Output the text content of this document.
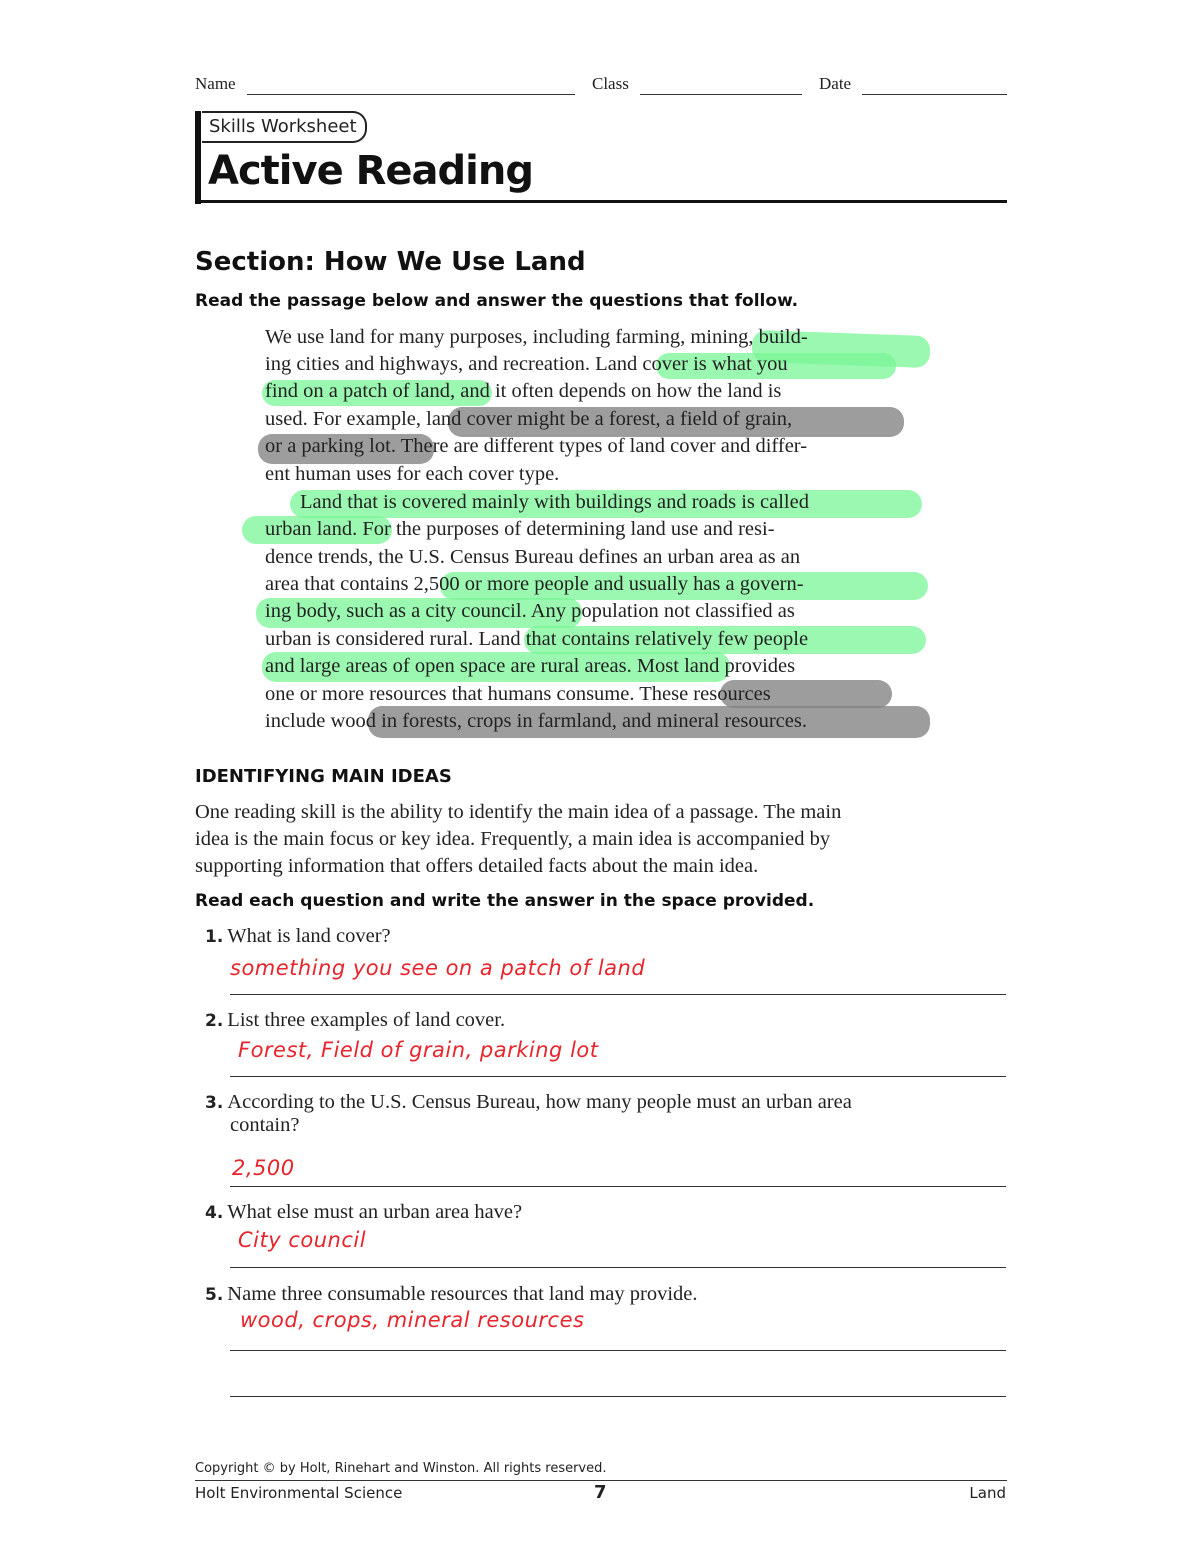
Name	Class	Date
Skills Worksheet
Active Reading
Section: How We Use Land
Read the passage below and answer the questions that follow.
We use land for many purposes, including farming, mining, build-
ing cities and highways, and recreation. Land cover is what you
find on a patch of land, and it often depends on how the land is
used. For example, land cover might be a forest, a field of grain,
or a parking lot. There are different types of land cover and differ-
ent human uses for each cover type.
Land that is covered mainly with buildings and roads is called
urban land. For the purposes of determining land use and resi-
dence trends, the U.S. Census Bureau defines an urban area as an
area that contains 2,500 or more people and usually has a govern-
ing body, such as a city council. Any population not classified as
urban is considered rural. Land that contains relatively few people
and large areas of open space are rural areas. Most land provides
one or more resources that humans consume. These resources
include wood in forests, crops in farmland, and mineral resources.
IDENTIFYING MAIN IDEAS
One reading skill is the ability to identify the main idea of a passage. The main
idea is the main focus or key idea. Frequently, a main idea is accompanied by
supporting information that offers detailed facts about the main idea.
Read each question and write the answer in the space provided.
1. What is land cover?
something you see on a patch of land
2. List three examples of land cover.
Forest, Field of grain, parking lot
3. According to the U.S. Census Bureau, how many people must an urban area
contain?
2,500
4. What else must an urban area have?
City council
5. Name three consumable resources that land may provide.
wood, crops, mineral resources
Copyright © by Holt, Rinehart and Winston. All rights reserved.
Holt Environmental Science	7	Land
